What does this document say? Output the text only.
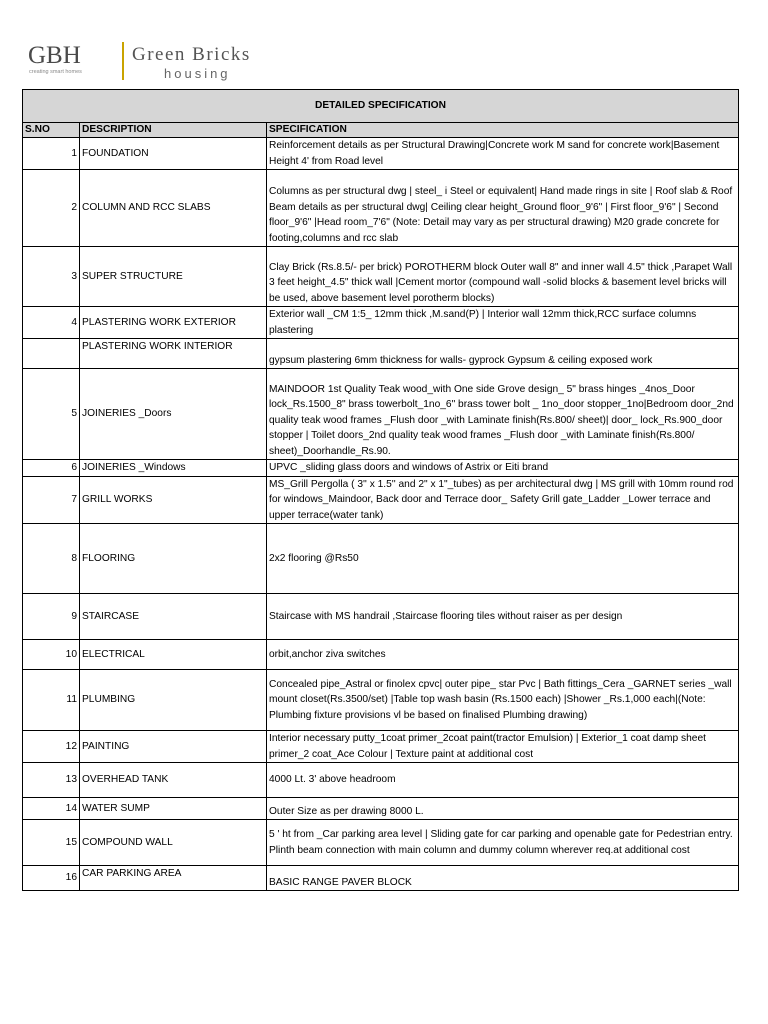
GBH
creating smart homes
Green Bricks
housing
DETAILED SPECIFICATION		
S.NO	DESCRIPTION	SPECIFICATION
1	FOUNDATION	Reinforcement details as per Structural Drawing|Concrete work M sand for concrete work|Basement Height 4' from Road level
2	COLUMN AND RCC SLABS	Columns as per structural dwg | steel_ i Steel or equivalent| Hand made rings in site | Roof slab & Roof Beam details as per structural dwg| Ceiling clear height_Ground floor_9'6" | First floor_9'6" | Second floor_9'6" |Head room_7'6" (Note: Detail may vary as per structural drawing) M20 grade concrete for footing,columns and rcc slab
3	SUPER STRUCTURE	Clay Brick (Rs.8.5/- per brick) POROTHERM block Outer wall 8" and inner wall 4.5" thick ,Parapet Wall 3 feet height_4.5" thick wall |Cement mortor (compound wall -solid blocks & basement level bricks will be used, above basement level porotherm blocks)
4	PLASTERING WORK EXTERIOR	Exterior wall _CM 1:5_ 12mm thick ,M.sand(P) | Interior wall 12mm thick,RCC surface columns plastering
	PLASTERING WORK INTERIOR	gypsum plastering 6mm thickness for walls- gyprock Gypsum & ceiling exposed work
5	JOINERIES _Doors	MAINDOOR 1st Quality Teak wood_with One side Grove design_ 5" brass hinges _4nos_Door lock_Rs.1500_8" brass towerbolt_1no_6" brass tower bolt _ 1no_door stopper_1no|Bedroom door_2nd quality teak wood frames _Flush door _with Laminate finish(Rs.800/ sheet)| door_ lock_Rs.900_door stopper | Toilet doors_2nd quality teak wood frames _Flush door _with Laminate finish(Rs.800/ sheet)_Doorhandle_Rs.90.
6	JOINERIES _Windows	UPVC _sliding glass doors and windows of Astrix or Eiti brand
7	GRILL WORKS	MS_Grill Pergolla ( 3'' x 1.5'' and 2" x 1"_tubes) as per architectural dwg | MS grill with 10mm round rod for windows_Maindoor, Back door and Terrace door_ Safety Grill gate_Ladder _Lower terrace and upper terrace(water tank)
8	FLOORING	2x2 flooring @Rs50
9	STAIRCASE	Staircase with MS handrail ,Staircase flooring tiles without raiser as per design
10	ELECTRICAL	orbit,anchor ziva switches
11	PLUMBING	Concealed pipe_Astral or finolex cpvc| outer pipe_ star Pvc | Bath fittings_Cera _GARNET series _wall mount closet(Rs.3500/set) |Table top wash basin (Rs.1500 each) |Shower _Rs.1,000 each|(Note: Plumbing fixture provisions vl be based on finalised Plumbing drawing)
12	PAINTING	Interior necessary putty_1coat primer_2coat paint(tractor Emulsion) | Exterior_1 coat damp sheet primer_2 coat_Ace Colour | Texture paint at additional cost
13	OVERHEAD TANK	4000 Lt. 3' above headroom
14	WATER SUMP	Outer Size as per drawing 8000 L.
15	COMPOUND WALL	5 ' ht from _Car parking area level | Sliding gate for car parking and openable gate for Pedestrian entry. Plinth beam connection with main column and dummy column wherever req.at additional cost
16	CAR PARKING AREA	BASIC RANGE PAVER BLOCK
